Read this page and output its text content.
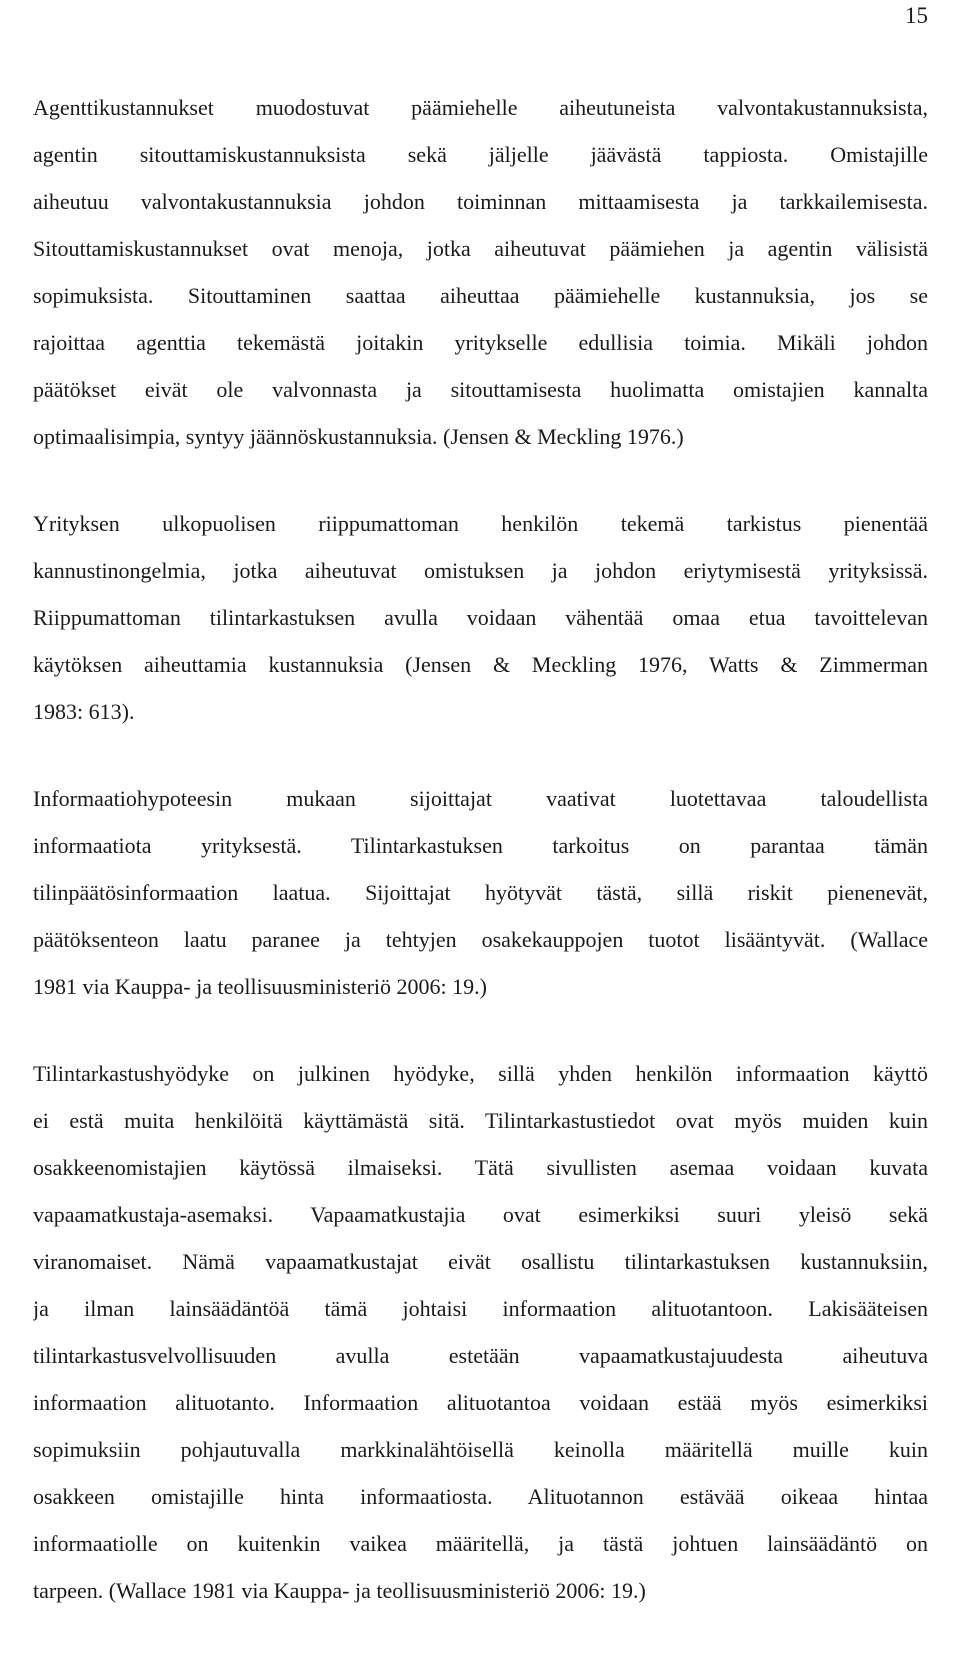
15

Agenttikustannukset muodostuvat päämiehelle aiheutuneista valvontakustannuksista,
agentin sitouttamiskustannuksista sekä jäljelle jäävästä tappiosta. Omistajille
aiheutuu valvontakustannuksia johdon toiminnan mittaamisesta ja tarkkailemisesta.
Sitouttamiskustannukset ovat menoja, jotka aiheutuvat päämiehen ja agentin välisistä
sopimuksista. Sitouttaminen saattaa aiheuttaa päämiehelle kustannuksia, jos se
rajoittaa agenttia tekemästä joitakin yritykselle edullisia toimia. Mikäli johdon
päätökset eivät ole valvonnasta ja sitouttamisesta huolimatta omistajien kannalta
optimaalisimpia, syntyy jäännöskustannuksia. (Jensen & Meckling 1976.)

Yrityksen ulkopuolisen riippumattoman henkilön tekemä tarkistus pienentää
kannustinongelmia, jotka aiheutuvat omistuksen ja johdon eriytymisestä yrityksissä.
Riippumattoman tilintarkastuksen avulla voidaan vähentää omaa etua tavoittelevan
käytöksen aiheuttamia kustannuksia (Jensen & Meckling 1976, Watts & Zimmerman
1983: 613).

Informaatiohypoteesin mukaan sijoittajat vaativat luotettavaa taloudellista
informaatiota yrityksestä. Tilintarkastuksen tarkoitus on parantaa tämän
tilinpäätösinformaation laatua. Sijoittajat hyötyvät tästä, sillä riskit pienenevät,
päätöksenteon laatu paranee ja tehtyjen osakekauppojen tuotot lisääntyvät. (Wallace
1981 via Kauppa- ja teollisuusministeriö 2006: 19.)

Tilintarkastushyödyke on julkinen hyödyke, sillä yhden henkilön informaation käyttö
ei estä muita henkilöitä käyttämästä sitä. Tilintarkastustiedot ovat myös muiden kuin
osakkeenomistajien käytössä ilmaiseksi. Tätä sivullisten asemaa voidaan kuvata
vapaamatkustaja-asemaksi. Vapaamatkustajia ovat esimerkiksi suuri yleisö sekä
viranomaiset. Nämä vapaamatkustajat eivät osallistu tilintarkastuksen kustannuksiin,
ja ilman lainsäädäntöä tämä johtaisi informaation alituotantoon. Lakisääteisen
tilintarkastusvelvollisuuden avulla estetään vapaamatkustajuudesta aiheutuva
informaation alituotanto. Informaation alituotantoa voidaan estää myös esimerkiksi
sopimuksiin pohjautuvalla markkinalähtöisellä keinolla määritellä muille kuin
osakkeen omistajille hinta informaatiosta. Alituotannon estävää oikeaa hintaa
informaatiolle on kuitenkin vaikea määritellä, ja tästä johtuen lainsäädäntö on
tarpeen. (Wallace 1981 via Kauppa- ja teollisuusministeriö 2006: 19.)
